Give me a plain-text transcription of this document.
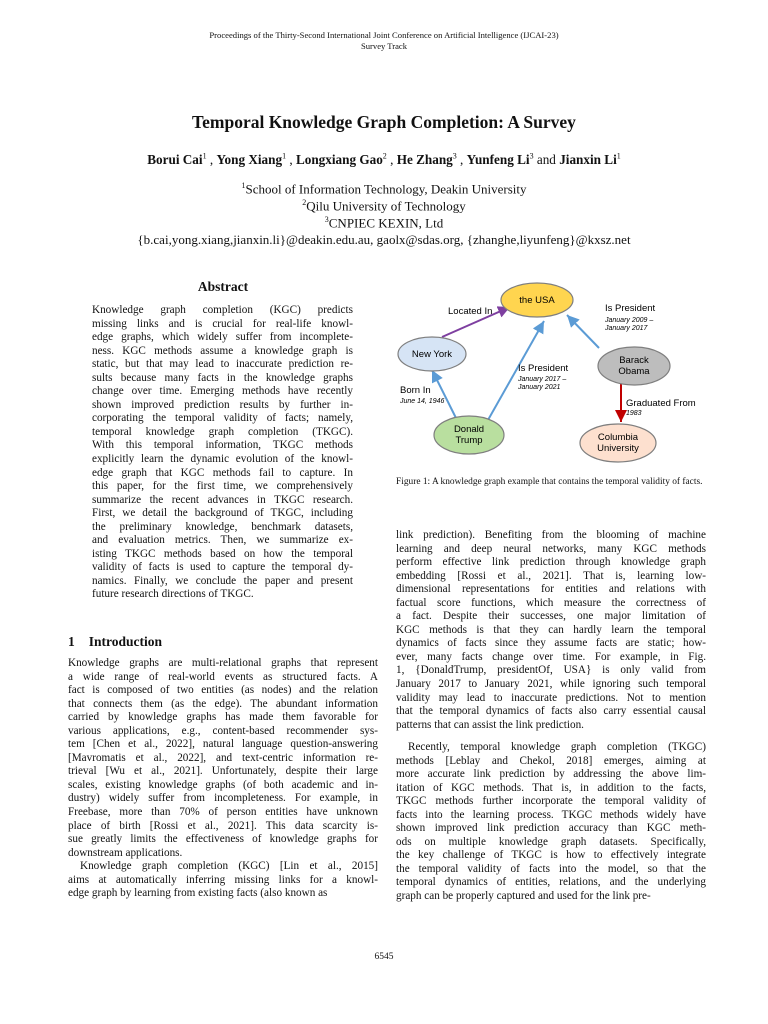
Proceedings of the Thirty-Second International Joint Conference on Artificial Intelligence (IJCAI-23)
Survey Track
Temporal Knowledge Graph Completion: A Survey
Borui Cai$^1$ , Yong Xiang$^1$ , Longxiang Gao$^2$ , He Zhang$^3$ , Yunfeng Li$^3$ and Jianxin Li$^1$
$^1$School of Information Technology, Deakin University
$^2$Qilu University of Technology
$^3$CNPIEC KEXIN, Ltd
{b.cai,yong.xiang,jianxin.li}@deakin.edu.au, gaolx@sdas.org, {zhanghe,liyunfeng}@kxsz.net
Abstract
Knowledge graph completion (KGC) predicts
missing links and is crucial for real-life knowl-
edge graphs, which widely suffer from incomplete-
ness. KGC methods assume a knowledge graph is
static, but that may lead to inaccurate prediction re-
sults because many facts in the knowledge graphs
change over time. Emerging methods have recently
shown improved prediction results by further in-
corporating the temporal validity of facts; namely,
temporal knowledge graph completion (TKGC).
With this temporal information, TKGC methods
explicitly learn the dynamic evolution of the knowl-
edge graph that KGC methods fail to capture. In
this paper, for the first time, we comprehensively
summarize the recent advances in TKGC research.
First, we detail the background of TKGC, including
the preliminary knowledge, benchmark datasets,
and evaluation metrics. Then, we summarize ex-
isting TKGC methods based on how the temporal
validity of facts is used to capture the temporal dy-
namics. Finally, we conclude the paper and present
future research directions of TKGC.
1 Introduction
Knowledge graphs are multi-relational graphs that represent
a wide range of real-world events as structured facts. A
fact is composed of two entities (as nodes) and the relation
that connects them (as the edge). The abundant information
carried by knowledge graphs has made them favorable for
various applications, e.g., content-based recommender sys-
tem [Chen et al., 2022], natural language question-answering
[Mavromatis et al., 2022], and text-centric information re-
trieval [Wu et al., 2021]. Unfortunately, despite their large
scales, existing knowledge graphs (of both academic and in-
dustry) widely suffer from incompleteness. For example, in
Freebase, more than 70% of person entities have unknown
place of birth [Rossi et al., 2021]. This data scarcity is-
sue greatly limits the effectiveness of knowledge graphs for
downstream applications.
Knowledge graph completion (KGC) [Lin et al., 2015]
aims at automatically inferring missing links for a knowl-
edge graph by learning from existing facts (also known as
the USA
New York
Barack
Obama
Donald
Trump	Columbia
University
Located In	Is President
January 2009 –
January 2017
Is President
January 2017 –
January 2021
Born In
June 14, 1946	Graduated From
1983
Figure 1: A knowledge graph example that contains the temporal validity of facts.
link prediction). Benefiting from the blooming of machine
learning and deep neural networks, many KGC methods
perform effective link prediction through knowledge graph
embedding [Rossi et al., 2021]. That is, learning low-
dimensional representations for entities and relations with
factual score functions, which measure the correctness of
a fact. Despite their successes, one major limitation of
KGC methods is that they can hardly learn the temporal
dynamics of facts since they assume facts are static; how-
ever, many facts change over time. For example, in Fig.
1, {DonaldTrump, presidentOf, USA} is only valid from
January 2017 to January 2021, while ignoring such temporal
validity may lead to inaccurate predictions. Not to mention
that the temporal dynamics of facts also carry essential causal
patterns that can assist the link prediction.
Recently, temporal knowledge graph completion (TKGC)
methods [Leblay and Chekol, 2018] emerges, aiming at
more accurate link prediction by addressing the above lim-
itation of KGC methods. That is, in addition to the facts,
TKGC methods further incorporate the temporal validity of
facts into the learning process. TKGC methods widely have
shown improved link prediction accuracy than KGC meth-
ods on multiple knowledge graph datasets. Specifically,
the key challenge of TKGC is how to effectively integrate
the temporal validity of facts into the model, so that the
temporal dynamics of entities, relations, and the underlying
graph can be properly captured and used for the link pre-
6545
